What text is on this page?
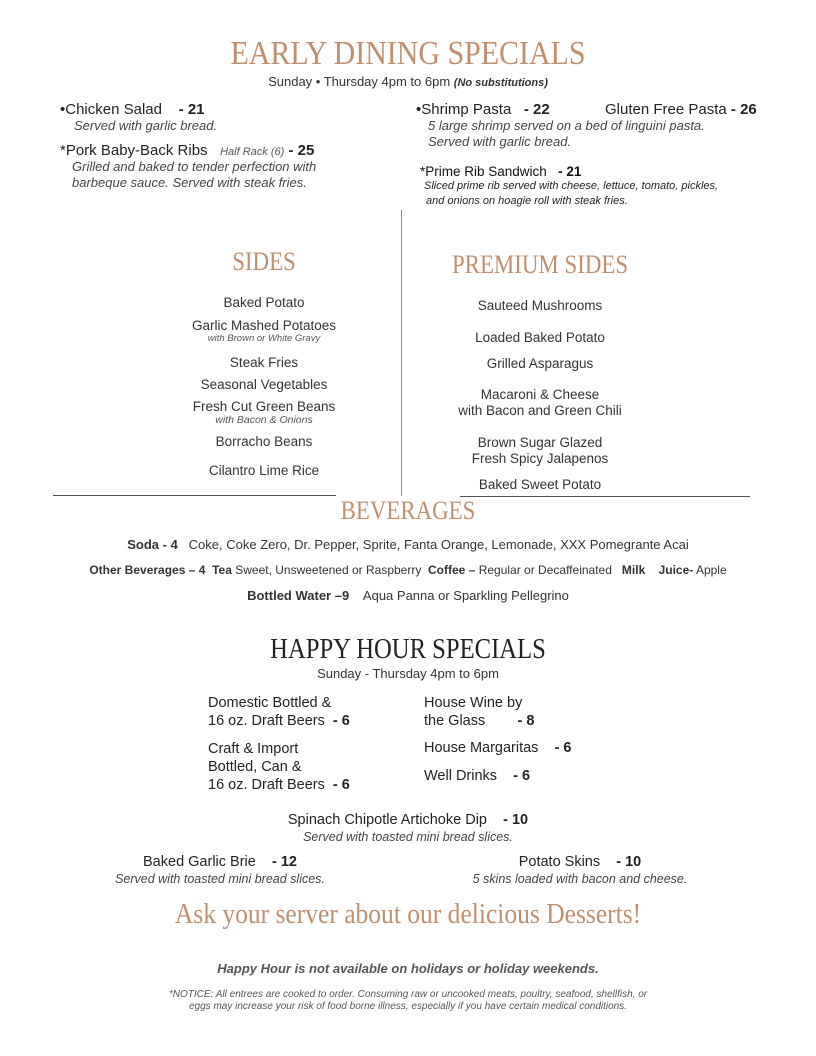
EARLY DINING SPECIALS
Sunday • Thursday 4pm to 6pm (No substitutions)
•Chicken Salad - 21
Served with garlic bread.
*Pork Baby-Back Ribs Half Rack (6) - 25
Grilled and baked to tender perfection with
barbeque sauce. Served with steak fries.
•Shrimp Pasta - 22
5 large shrimp served on a bed of linguini pasta.
Served with garlic bread.
Gluten Free Pasta - 26
*Prime Rib Sandwich - 21
Sliced prime rib served with cheese, lettuce, tomato, pickles,
and onions on hoagie roll with steak fries.
SIDES
Baked Potato
Garlic Mashed Potatoes
with Brown or White Gravy
Steak Fries
Seasonal Vegetables
Fresh Cut Green Beans
with Bacon & Onions
Borracho Beans
Cilantro Lime Rice
PREMIUM SIDES
Sauteed Mushrooms
Loaded Baked Potato
Grilled Asparagus
Macaroni & Cheese
with Bacon and Green Chili
Brown Sugar Glazed
Fresh Spicy Jalapenos
Baked Sweet Potato
BEVERAGES
Soda - 4 Coke, Coke Zero, Dr. Pepper, Sprite, Fanta Orange, Lemonade, XXX Pomegrante Acai
Other Beverages – 4 Tea Sweet, Unsweetened or Raspberry Coffee – Regular or Decaffeinated Milk Juice- Apple
Bottled Water –9 Aqua Panna or Sparkling Pellegrino
HAPPY HOUR SPECIALS
Sunday - Thursday 4pm to 6pm
Domestic Bottled &
16 oz. Draft Beers - 6
Craft & Import
Bottled, Can &
16 oz. Draft Beers - 6
House Wine by
the Glass - 8
House Margaritas - 6
Well Drinks - 6
Spinach Chipotle Artichoke Dip - 10
Served with toasted mini bread slices.
Baked Garlic Brie - 12
Served with toasted mini bread slices.
Potato Skins - 10
5 skins loaded with bacon and cheese.
Ask your server about our delicious Desserts!
Happy Hour is not available on holidays or holiday weekends.
*NOTICE: All entrees are cooked to order. Consuming raw or uncooked meats, poultry, seafood, shellfish, or
eggs may increase your risk of food borne illness, especially if you have certain medical conditions.
